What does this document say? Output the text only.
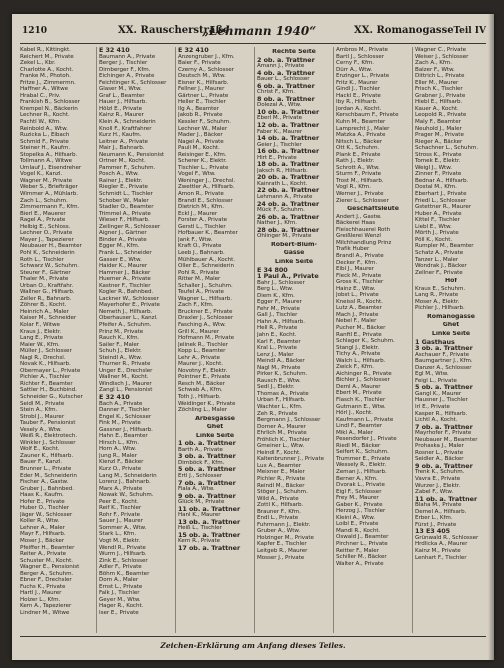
1210	XX. Rauscherstraße
„Lehmann 1940“	XX. Romanogasse Teil IV
Kabel R., Kittingkt.
Reichert M., Private
Zekel L., Kbr.
Charlotte A., Kocht.
Franke M., Photoh.
Fritze J., Zimmermn.
Haffner A., Witwe
Hrabal C., Priv.
Frankish B., Schlosser
Krempel N., Bäckerin
Lechner R., Kocht.
Pachtl W., Kfm.
Reinbold A., Wtw.
Ruzicka L., Eibach
Schmid F., Private
Steiner H., Kaufm.
Stopelka A., Hilfsarb.
Tollmann A., Witwe
Umlauf J., Eisendreher
Vogel K., Kanzl.
Wagner M., Private
Weber S., Briefträger
Wimmer A., Mühlarb.
Zach L., Schuhm.
Zimmermann F., Kfm.
Bierl E., Mauerer
Ragel A., Private
Helbig E., Schloss.
Lechner O., Private
Mayer J., Tapezierer
Neubauer H., Beamter
Pohl K., Schneiderin
Roth L., Tischler
Schwarz W., Schuhm.
Steurer F., Gärtner
Thaler M., Private
Urban O., Kraftfahr.
Wallner G., Hilfsarb.
Zeller R., Bahnarb.
Zöhrer B., Kocht.
Heinrich A., Maler
Kaiser M., Schneider
Kolar F., Witwe
Kraus J., Elektr.
Lang E., Private
Maier W., Kfm.
Müller J., Schlosser
Nagl R., Drechsl.
Novak K., Hilfsarb.
Obermayer L., Private
Pichler A., Tischler
Richter F., Beamter
Sattler H., Buchbind.
Schneider G., Kutscher
Seidl M., Private
Stein A., Kfm.
Strobl J., Maurer
Tauber F., Pensionist
Vesely A., Wtw.
Weiß R., Elektrotech.
Winkler J., Schlosser
Wolf E., Kocht.
Zauner K., Hilfsarb.
Bauer F., Kanzl.
Brunner L., Private
Eder M., Schneiderin
Fischer A., Gastw.
Gruber J., Bahnbed.
Haas K., Kaufm.
Hofer E., Private
Huber O., Tischler
Jäger W., Schlosser
Koller R., Wtw.
Lehner A., Maler
Mayr F., Hilfsarb.
Moser J., Bäcker
Pfeiffer H., Beamter
Reiter A., Private
Schuster M., Kocht.
Wagner E., Pensionist
Berger A., Schuhm.
Ebner F., Drechsler
Fuchs K., Private
Hartl J., Maurer
Holzer L., Kfm.
Kern A., Tapezierer
Lindner M., Witwe
E 32 410
Baumann A., Private
Berger J., Tischler
Dirnberger F., Kfm.
Eichinger A., Private
Feichtinger K., Schlosser
Glaser M., Wtw.
Graf L., Beamter
Hauer J., Hilfsarb.
Hölzl E., Private
Kainz R., Maurer
Klein A., Schneiderin
Knoll F., Kraftfahrer
Kurz H., Kaufm.
Leitner A., Private
Mair J., Bahnarb.
Neumann K., Pensionist
Ortner M., Kocht.
Pammer F., Schuhm.
Posch A., Wtw.
Rainer J., Elektr.
Riegler E., Private
Schmidt L., Tischler
Schober W., Maler
Stadler O., Beamter
Trimmel A., Private
Wieser F., Hilfsarb.
Zeilinger R., Schlosser
Aigner J., Gärtner
Binder A., Private
Egger M., Kfm.
Frank L., Schneider
Gasser E., Wtw.
Haider K., Maurer
Hammer J., Bäcker
Huemer A., Private
Kastner F., Tischler
Kogler R., Bahnbed.
Lackner W., Schlosser
Mayerhofer E., Private
Nemeth J., Hilfsarb.
Oberhauser L., Kanzl.
Pfeifer A., Schuhm.
Prinz M., Private
Rauch K., Kfm.
Sailer F., Maler
Schuh J., Elektr.
Steindl A., Wtw.
Thurner R., Private
Unger E., Drechsler
Wallner M., Kocht.
Windisch J., Maurer
Zangl L., Pensionist
E 32 410
Bach A., Private
Danner F., Tischler
Engel K., Schlosser
Fink M., Private
Gassner J., Hilfsarb.
Hahn E., Beamter
Hirsch L., Kfm.
Horn A., Wtw.
Jung R., Maler
Kienzl F., Bäcker
Kurz O., Private
Lang M., Schneiderin
Lorenz J., Bahnarb.
Marx A., Private
Nowak W., Schuhm.
Peer E., Kocht.
Reif K., Tischler
Rohr F., Private
Sauer J., Maurer
Sommer A., Wtw.
Stark L., Kfm.
Vogt M., Elektr.
Wendl R., Private
Wurm J., Hilfsarb.
Zink E., Schlosser
Adler F., Private
Böhm K., Beamter
Dorn A., Maler
Ernst L., Private
Falk J., Tischler
Geyer M., Wtw.
Hager R., Kocht.
Iser E., Private
E 32 410
Anzengruber J., Kfm.
Baier F., Private
Czerny A., Schlosser
Deutsch M., Wtw.
Eisner K., Hilfsarb.
Fellner J., Maurer
Gärtner L., Private
Heller E., Tischler
Ilg A., Beamter
Jakob R., Private
Kessler F., Schuhm.
Lechner W., Maler
Mader J., Bäcker
Nagel A., Private
Pauli M., Kocht.
Reisinger E., Kfm.
Scherer K., Elektr.
Tischler L., Private
Vogel F., Wtw.
Weninger J., Drechsl.
Zwettler A., Hilfsarb.
Amon R., Private
Brandl E., Schlosser
Dietrich M., Kfm.
Eckl J., Maurer
Forster A., Private
Gerstl L., Tischler
Hofbauer K., Beamter
Jank F., Wtw.
Kraft O., Private
Leeb J., Bahnarb.
Mühlbauer A., Kocht.
Öller E., Schneiderin
Pohl R., Private
Ritter M., Maler
Schaller J., Schuhm.
Teufel A., Private
Wagner L., Hilfsarb.
Zach F., Kfm.
Bruckner E., Private
Draxler J., Schlosser
Fasching A., Wtw.
Grill K., Maurer
Hofmann M., Private
Jelinek R., Tischler
Kopp L., Beamter
Lehr A., Private
Maurer J., Kocht.
Novotny F., Elektr.
Pointner E., Private
Resch M., Bäcker
Schwab A., Kfm.
Toth J., Hilfsarb.
Weidinger K., Private
Zöchling L., Maler
Arbesgasse
Ghet
Linke Seite
1 ob. a. Trattner
Barth A., Private
3 ob. a. Trattner
Dirnböck F., Kfm.
5 ob. a. Trattner
Ertl J., Schlosser
7 ob. a. Trattner
Fiala A., Wtw.
9 ob. a. Trattner
Glück M., Private
11 ob. a. Trattner
Hanl K., Maurer
13 ob. a. Trattner
Heiß L., Tischler
15 ob. a. Trattner
Kern R., Private
17 ob. a. Trattner
Rechte Seite
2 ob. a. Trattner
Amann J., Private
4 ob. a. Trattner
Bauer L., Schlosser
6 ob. a. Trattner
Christ F., Kfm.
8 ob. a. Trattner
Dolezal A., Wtw.
10 ob. a. Trattner
Eberl M., Private
12 ob. a. Trattner
Faber K., Maurer
14 ob. a. Trattner
Geier J., Tischler
16 ob. a. Trattner
Hirt E., Private
18 ob. a. Trattner
Jaksch R., Hilfsarb.
20 ob. a. Trattner
Kainrath L., Kocht.
22 ob. a. Trattner
Lehmann A., Private
24 ob. a. Trattner
Mück F., Schuhm.
26 ob. a. Trattner
Nather J., Kfm.
28 ob. a. Trattner
Öhlinger M., Private
Robert-Blum-
Gasse
Linke Seite
E 34 800
1 Paul A., Private
Bahr J., Schlosser
Berg L., Wtw.
Diem K., Kfm.
Egger F., Maurer
Fehr M., Private
Gall J., Tischler
Hahn A., Hilfsarb.
Hell R., Private
Jahn E., Kocht.
Karl F., Beamter
Kral L., Private
Lenz J., Maler
Meindl A., Bäcker
Nagl M., Private
Pirker K., Schuhm.
Rausch E., Wtw.
Sedl J., Elektr.
Thomas A., Private
Urban F., Hilfsarb.
Wachter L., Kfm.
Zeh R., Private
Bergmann J., Schlosser
Dorner A., Maurer
Ehrlich M., Private
Fröhlich K., Tischler
Gmeiner L., Wtw.
Heindl F., Kocht.
Kaltenbrunner J., Private
Lux A., Beamter
Meixner E., Maler
Pichler R., Private
Reindl M., Bäcker
Stöger J., Schuhm.
Wild A., Private
Zottl K., Hilfsarb.
Brauner F., Kfm.
Endl L., Private
Fuhrmann J., Elektr.
Gruber A., Wtw.
Holzinger M., Private
Kapfer E., Tischler
Leitgeb R., Maurer
Mosser J., Private
Ambros M., Private
Bartl J., Schlosser
Cerny F., Kfm.
Dürr A., Wtw.
Enzinger L., Private
Fritz K., Maurer
Gindl J., Tischler
Hackl E., Private
Iby R., Hilfsarb.
Jordan A., Kocht.
Kerschbaum F., Private
Kuhn M., Beamter
Lamprecht J., Maler
Matzka A., Private
Nitsch L., Bäcker
Ott K., Schuhm.
Plank E., Private
Rath J., Elektr.
Schrott A., Wtw.
Sturm F., Private
Trost M., Hilfsarb.
Vogl R., Kfm.
Werner J., Private
Zierer L., Schlosser
Geschäftsleute
Andert J., Gastw.
Bäckerei Haas
Fleischhauerei Roth
Greißlerei Wenzl
Milchhandlung Prinz
Trafik Huber
Brandl A., Private
Decker F., Kfm.
Eibl J., Maurer
Fleck M., Private
Gross K., Tischler
Hainz E., Wtw.
Jobst L., Private
Kneissl R., Kocht.
Lutz A., Beamter
Mach J., Private
Nebel F., Maler
Pucher M., Bäcker
Ranftl E., Private
Schlager K., Schuhm.
Stangl J., Elektr.
Tichy A., Private
Walch L., Hilfsarb.
Zwick F., Kfm.
Aichinger R., Private
Bichler J., Schlosser
Deml A., Maurer
Ebert M., Private
Flasch K., Tischler
Gutmann E., Wtw.
Hörl J., Kocht.
Kaufmann L., Private
Lindl F., Beamter
Mikl A., Maler
Pesendorfer J., Private
Riedl M., Bäcker
Seifert K., Schuhm.
Trummer E., Private
Wessely R., Elektr.
Zeman J., Hilfsarb.
Berner A., Kfm.
Dvorak L., Private
Eigl F., Schlosser
Frey M., Maurer
Gaber K., Private
Herzog J., Tischler
Kleinl A., Wtw.
Loibl E., Private
Mandl R., Kocht.
Oswald J., Beamter
Pirchner L., Private
Reitter F., Maler
Schiller M., Bäcker
Walter A., Private
Wagner C., Private
Weiser J., Schlosser
Zach A., Kfm.
Balzer F., Wtw.
Dittrich L., Private
Eller M., Maurer
Frisch K., Tischler
Grabner J., Private
Hiebl E., Hilfsarb.
Kauer A., Kocht.
Leopold R., Private
Maly F., Beamter
Neuhold J., Maler
Prager M., Private
Rieger A., Bäcker
Schachner L., Schuhm.
Stross K., Private
Tomek E., Elektr.
Weigl J., Wtw.
Zinner F., Private
Bednar A., Hilfsarb.
Dostal M., Kfm.
Eberhart J., Private
Friedl L., Schlosser
Gstettner R., Maurer
Huber A., Private
Kittel F., Tischler
Liebl E., Wtw.
Mörth J., Private
Pöll K., Kocht.
Rumpler M., Beamter
Schatz A., Private
Tanzer L., Maler
Wondrak J., Bäcker
Zellner F., Private
Hof
Kraus E., Schuhm.
Lang R., Private
Moser A., Elektr.
Pichler J., Hilfsarb.
Romanogasse
Ghet
Linke Seite
1 Gasthaus
3 ob. a. Trattner
Aschauer F., Private
Baumgartner J., Kfm.
Danzer A., Schlosser
Egl M., Wtw.
Feigl L., Private
5 ob. a. Trattner
Gangl K., Maurer
Hausner J., Tischler
Irl E., Private
Kasper R., Hilfsarb.
Lichtl A., Kocht.
7 ob. a. Trattner
Mayrhofer F., Private
Neubauer M., Beamter
Prohaska J., Maler
Rosner L., Private
Seidler A., Bäcker
9 ob. a. Trattner
Trenk K., Schuhm.
Vavra E., Private
Wurzer J., Elektr.
Zabel F., Wtw.
11 ob. a. Trattner
Blaha M., Private
Demel A., Hilfsarb.
Erber L., Kfm.
Fürst J., Private
13 E3 405
Grünwald R., Schlosser
Hrdlicka A., Maurer
Kainz M., Private
Lenhart F., Tischler
Zeichen-Erklärung am Anfang dieses Teiles.
